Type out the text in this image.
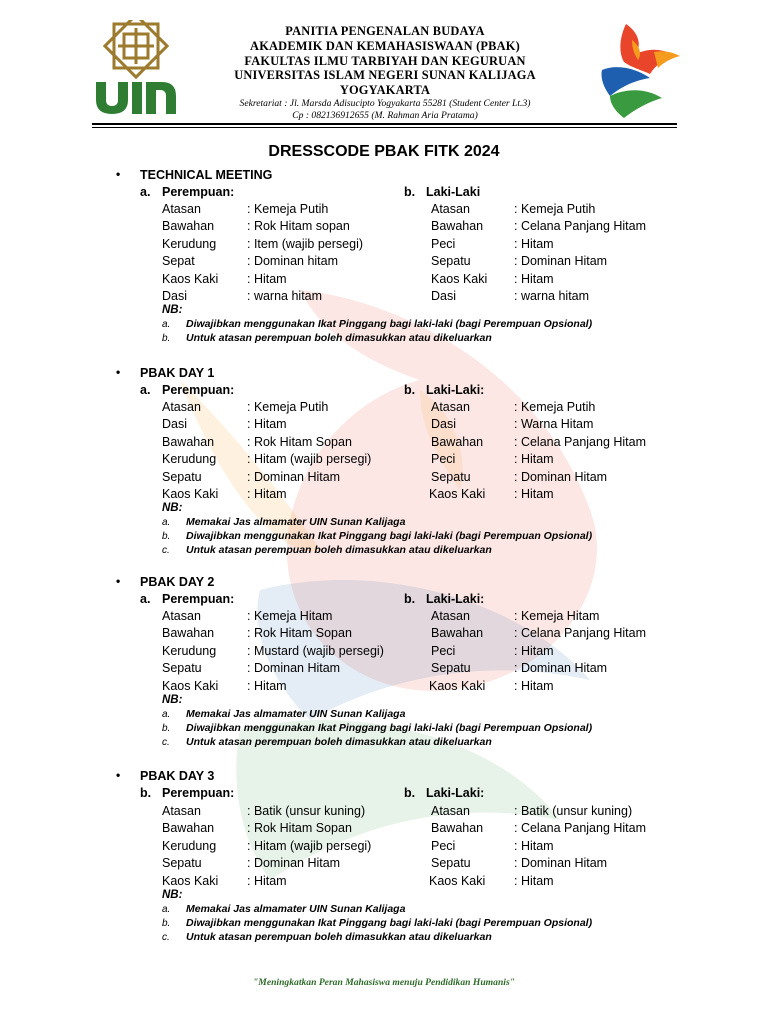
uin
PANITIA PENGENALAN BUDAYA
AKADEMIK DAN KEMAHASISWAAN (PBAK)
FAKULTAS ILMU TARBIYAH DAN KEGURUAN
UNIVERSITAS ISLAM NEGERI SUNAN KALIJAGA
YOGYAKARTA
Sekretariat : Jl. Marsda Adisucipto Yogyakarta 55281 (Student Center Lt.3)
Cp : 082136912655 (M. Rahman Aria Pratama)
DRESSCODE PBAK FITK 2024
• TECHNICAL MEETING
a. Perempuan:	b. Laki-Laki
Atasan	: Kemeja Putih
Bawahan	: Rok Hitam sopan
Kerudung : Item (wajib persegi)
Sepat	: Dominan hitam
Kaos Kaki : Hitam
Dasi	: warna hitam
Atasan	: Kemeja Putih
Bawahan : Celana Panjang Hitam
Peci	: Hitam
Sepatu	: Dominan Hitam
Kaos Kaki : Hitam
Dasi	: warna hitam
NB:
a. Diwajibkan menggunakan Ikat Pinggang bagi laki-laki (bagi Perempuan Opsional)
b. Untuk atasan perempuan boleh dimasukkan atau dikeluarkan
• PBAK DAY 1
a. Perempuan:	b. Laki-Laki:
Atasan	: Kemeja Putih
Dasi	: Hitam
Bawahan	: Rok Hitam Sopan
Kerudung : Hitam (wajib persegi)
Sepatu	: Dominan Hitam
Kaos Kaki : Hitam
Atasan	: Kemeja Putih
Dasi	: Warna Hitam
Bawahan : Celana Panjang Hitam
Peci	: Hitam
Sepatu	: Dominan Hitam
Kaos Kaki : Hitam
NB:
a. Memakai Jas almamater UIN Sunan Kalijaga
b. Diwajibkan menggunakan Ikat Pinggang bagi laki-laki (bagi Perempuan Opsional)
c. Untuk atasan perempuan boleh dimasukkan atau dikeluarkan
• PBAK DAY 2
a. Perempuan:	b. Laki-Laki:
Atasan	: Kemeja Hitam
Bawahan	: Rok Hitam Sopan
Kerudung : Mustard (wajib persegi)
Sepatu	: Dominan Hitam
Kaos Kaki : Hitam
Atasan	: Kemeja Hitam
Bawahan : Celana Panjang Hitam
Peci	: Hitam
Sepatu	: Dominan Hitam
Kaos Kaki : Hitam
NB:
a. Memakai Jas almamater UIN Sunan Kalijaga
b. Diwajibkan menggunakan Ikat Pinggang bagi laki-laki (bagi Perempuan Opsional)
c. Untuk atasan perempuan boleh dimasukkan atau dikeluarkan
• PBAK DAY 3
b. Perempuan:	b. Laki-Laki:
Atasan	: Batik (unsur kuning)
Bawahan	: Rok Hitam Sopan
Kerudung : Hitam (wajib persegi)
Sepatu	: Dominan Hitam
Kaos Kaki : Hitam
Atasan	: Batik (unsur kuning)
Bawahan : Celana Panjang Hitam
Peci	: Hitam
Sepatu	: Dominan Hitam
Kaos Kaki : Hitam
NB:
a. Memakai Jas almamater UIN Sunan Kalijaga
b. Diwajibkan menggunakan Ikat Pinggang bagi laki-laki (bagi Perempuan Opsional)
c. Untuk atasan perempuan boleh dimasukkan atau dikeluarkan
"Meningkatkan Peran Mahasiswa menuju Pendidikan Humanis"
